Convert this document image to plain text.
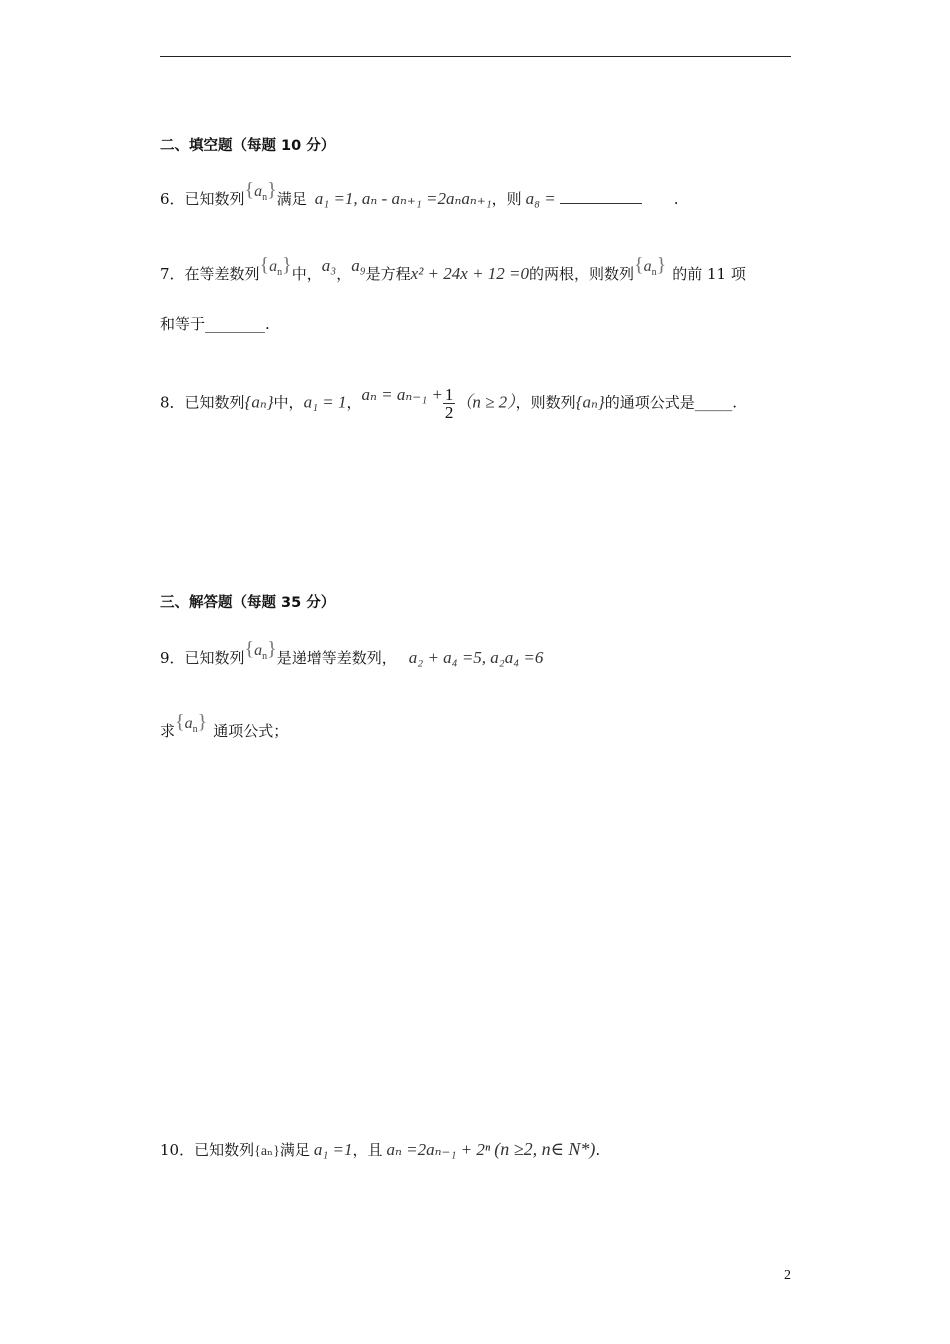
二、填空题（每题 10 分）
6．已知数列$\{a_n\}$满足 a₁ =1, aₙ - aₙ₊₁ =2aₙaₙ₊₁，则 a₈ =	.
7．在等差数列$\{a_n\}$中，a₃，a₉是方程x² + 24x + 12 =0的两根，则数列$\{a_n\}$ 的前 11 项
和等于________.
8．已知数列{aₙ}中，a₁ = 1，$a_n = a_{n-1} + \frac{1}{2} (n \ge 2)$，则数列{aₙ}的通项公式是_____.
三、解答题（每题 35 分）
9．已知数列$\{a_n\}$是递增等差数列， a₂ + a₄ =5, a₂a₄ =6
求$\{a_n\}$ 通项公式；
10．已知数列{aₙ}满足 a₁ =1，且 aₙ =2aₙ₋₁ + 2ⁿ (n ≥2, n∈ N*).
2
